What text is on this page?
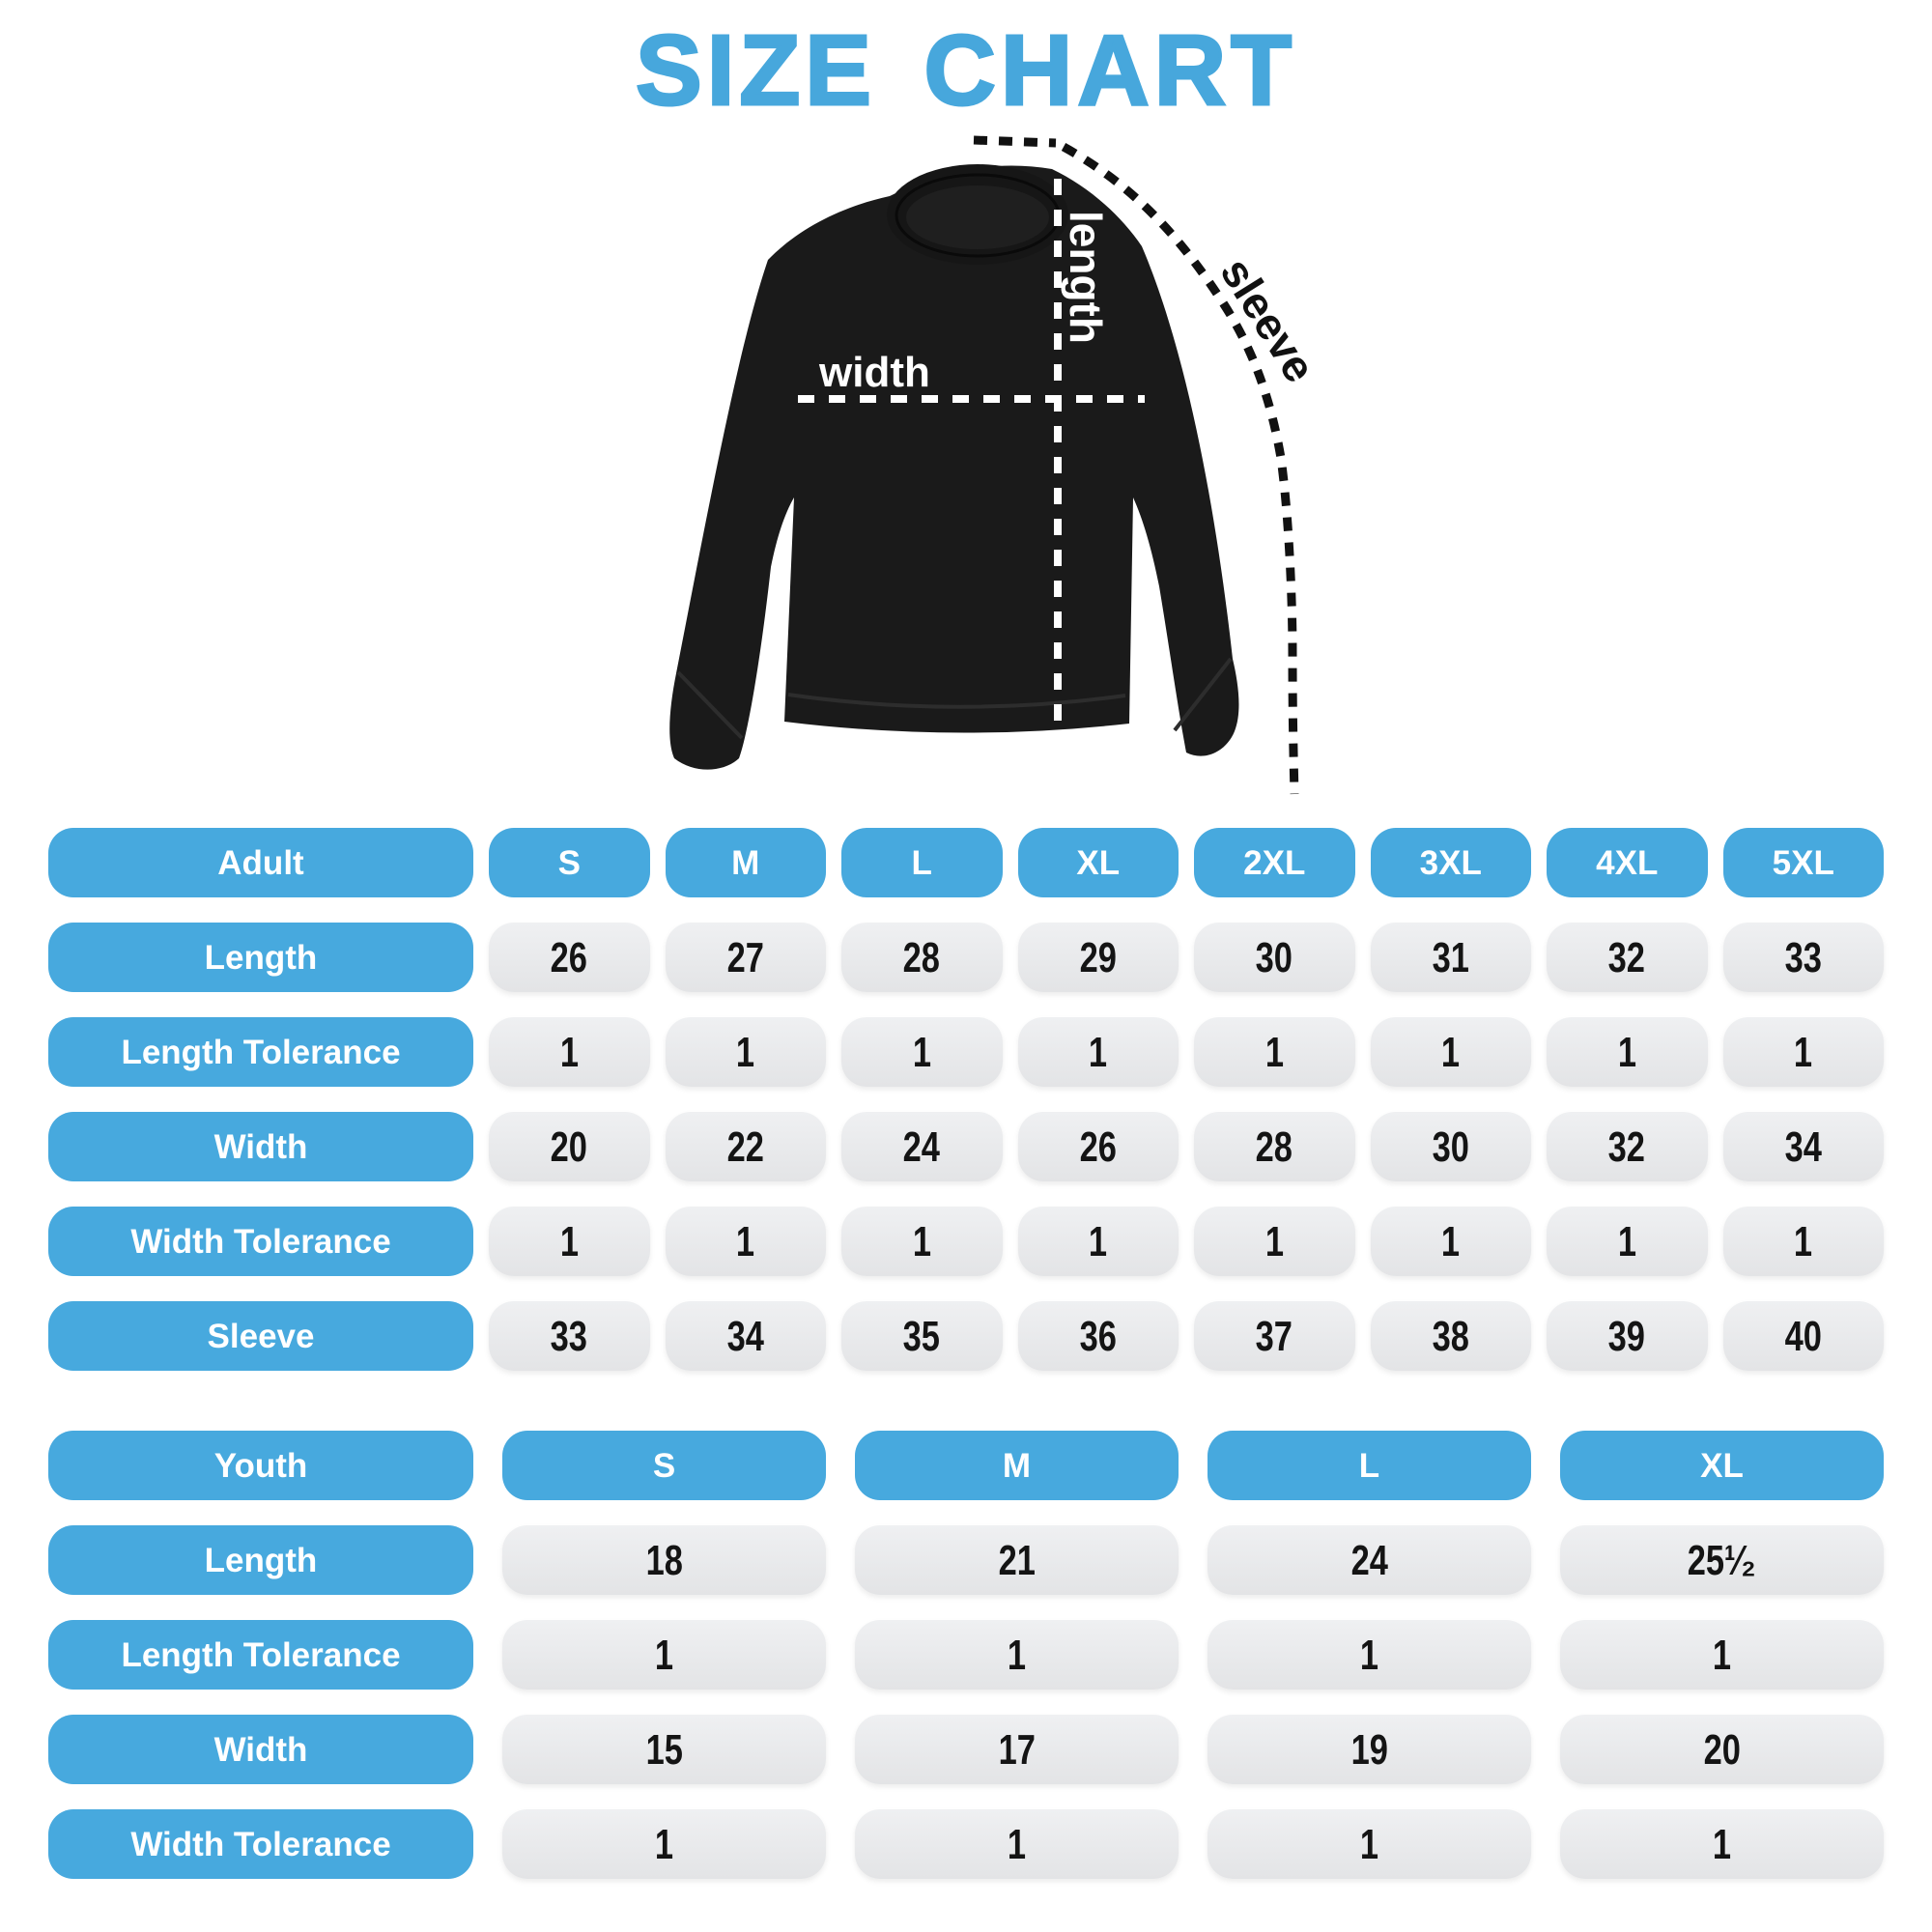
SIZE CHART
width
length sleeve
Adult	S	M	L	XL	2XL	3XL	4XL	5XL
Length	26	27	28	29	30	31	32	33
Length Tolerance	1	1	1	1	1	1	1	1
Width	20	22	24	26	28	30	32	34
Width Tolerance	1	1	1	1	1	1	1	1
Sleeve	33	34	35	36	37	38	39	40
Youth	S	M	L	XL
Length	18	21	24	25¹⁄₂
Length Tolerance	1	1	1	1
Width	15	17	19	20
Width Tolerance	1	1	1	1
